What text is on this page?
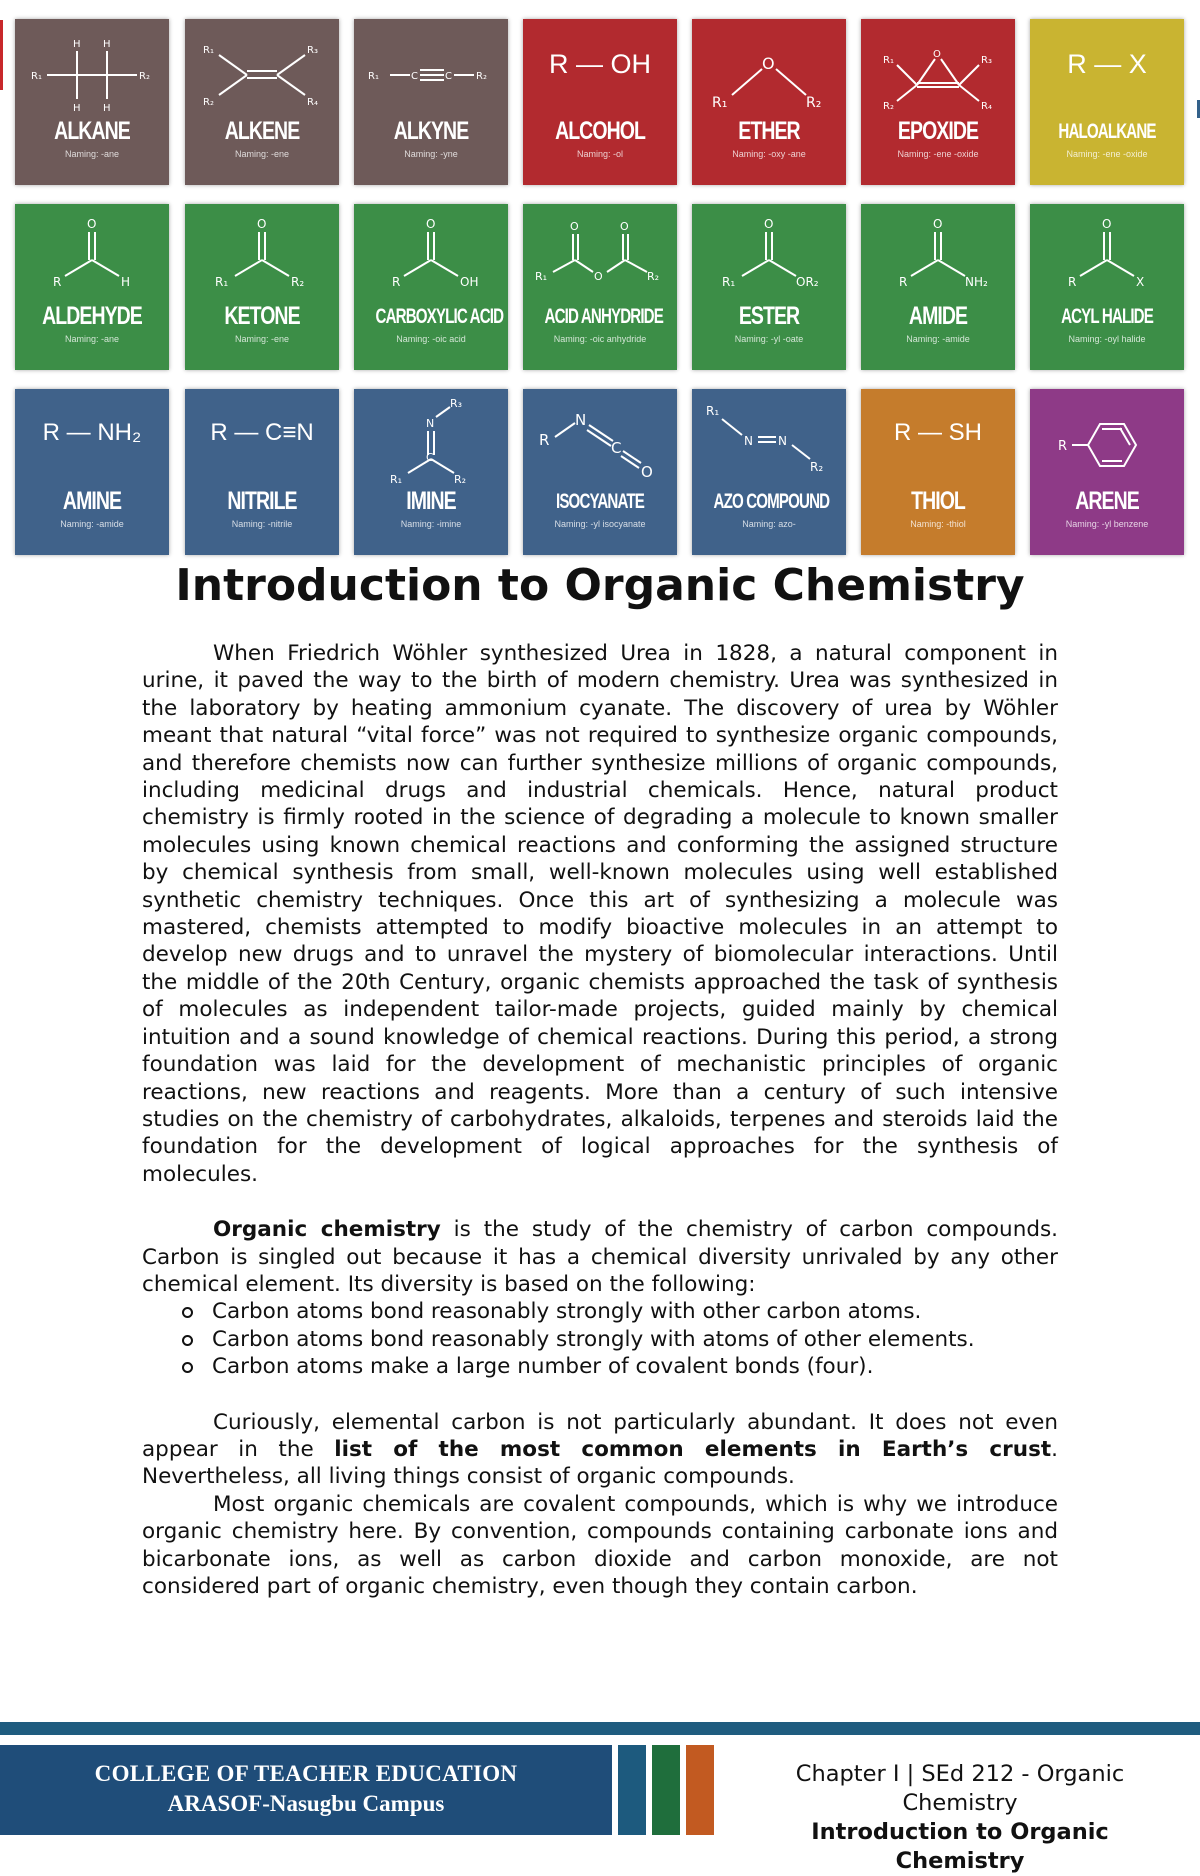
H H
H H
R₁	R₂
ALKANE
Naming: -ane
R₁
R₂
R₃
R₄
ALKENE
Naming: -ene
R₁	C	C R₂
ALKYNE
Naming: -yne
R — OH
ALCOHOL
Naming: -ol
O
R₁	R₂
ETHER
Naming: -oxy -ane
O
R₁
R₂
R₃
R₄
EPOXIDE
Naming: -ene -oxide
R — X
HALOALKANE
Naming: -ene -oxide
O
R	H
ALDEHYDE
Naming: -ane
O
R₁	R₂
KETONE
Naming: -ene
O
R	OH
CARBOXYLIC ACID
Naming: -oic acid
O	O
O
R₁	R₂
ACID ANHYDRIDE
Naming: -oic anhydride
O
R₁	OR₂
ESTER
Naming: -yl -oate
O
R	NH₂
AMIDE
Naming: -amide
O
R	X
ACYL HALIDE
Naming: -oyl halide
R — NH₂
AMINE
Naming: -amide
R — C≡N
NITRILE
Naming: -nitrile
N
R₃
C
R₁	R₂
IMINE
Naming: -imine
R
N
C
O
ISOCYANATE
Naming: -yl isocyanate
R₁
N N
R₂
AZO COMPOUND
Naming: azo-
R — SH
THIOL
Naming: -thiol
R
ARENE
Naming: -yl benzene
Introduction to Organic Chemistry

When Friedrich Wöhler synthesized Urea in 1828, a natural component in urine, it paved the way to the birth of modern chemistry. Urea was synthesized in the laboratory by heating ammonium cyanate. The discovery of urea by Wöhler meant that natural “vital force” was not required to synthesize organic compounds, and therefore chemists now can further synthesize millions of organic compounds, including medicinal drugs and industrial chemicals. Hence, natural product chemistry is firmly rooted in the science of degrading a molecule to known smaller molecules using known chemical reactions and conforming the assigned structure by chemical synthesis from small, well-known molecules using well established synthetic chemistry techniques. Once this art of synthesizing a molecule was mastered, chemists attempted to modify bioactive molecules in an attempt to develop new drugs and to unravel the mystery of biomolecular interactions. Until the middle of the 20th Century, organic chemists approached the task of synthesis of molecules as independent tailor-made projects, guided mainly by chemical intuition and a sound knowledge of chemical reactions. During this period, a strong foundation was laid for the development of mechanistic principles of organic reactions, new reactions and reagents. More than a century of such intensive studies on the chemistry of carbohydrates, alkaloids, terpenes and steroids laid the foundation for the development of logical approaches for the synthesis of molecules.

Organic chemistry is the study of the chemistry of carbon compounds. Carbon is singled out because it has a chemical diversity unrivaled by any other chemical element. Its diversity is based on the following:

Carbon atoms bond reasonably strongly with other carbon atoms.
Carbon atoms bond reasonably strongly with atoms of other elements.
Carbon atoms make a large number of covalent bonds (four).

Curiously, elemental carbon is not particularly abundant. It does not even appear in the list of the most common elements in Earth’s crust. Nevertheless, all living things consist of organic compounds.

Most organic chemicals are covalent compounds, which is why we introduce organic chemistry here. By convention, compounds containing carbonate ions and bicarbonate ions, as well as carbon dioxide and carbon monoxide, are not considered part of organic chemistry, even though they contain carbon.

COLLEGE OF TEACHER EDUCATION
ARASOF-Nasugbu Campus
Chapter I | SEd 212 - Organic Chemistry
Introduction to Organic Chemistry
